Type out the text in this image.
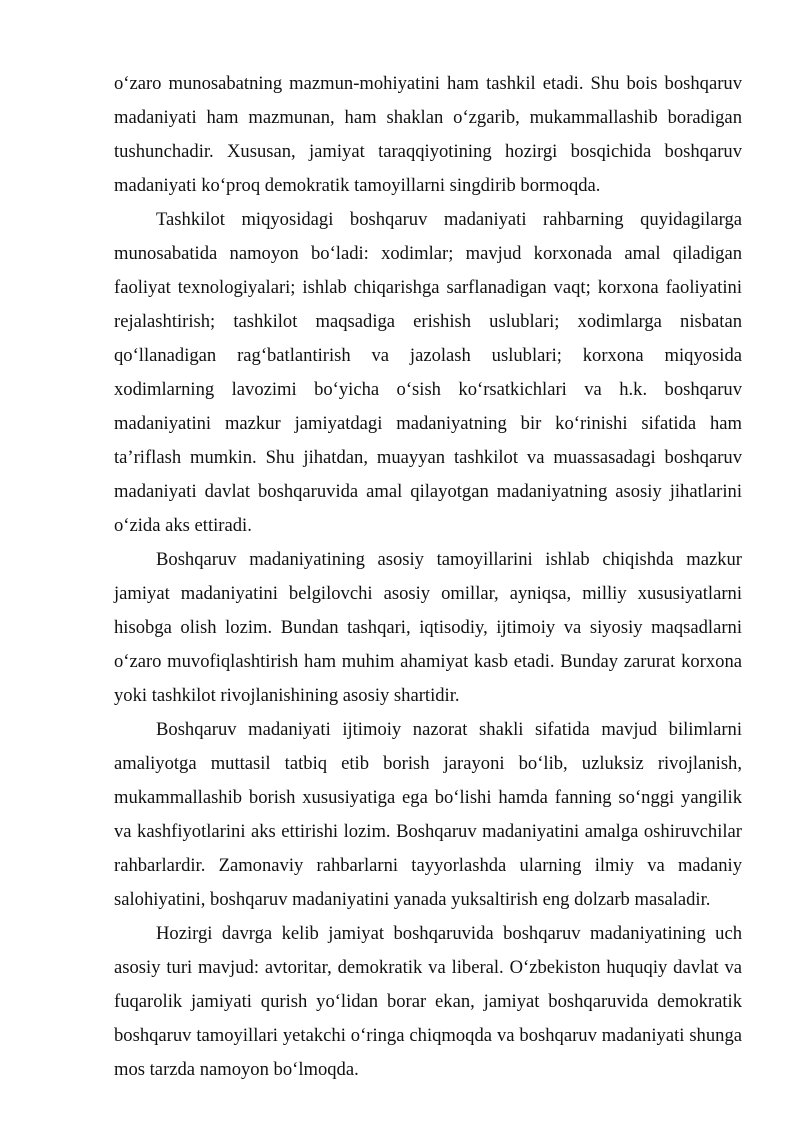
o‘zaro munosabatning mazmun-mohiyatini ham tashkil etadi. Shu bois boshqaruv madaniyati ham mazmunan, ham shaklan o‘zgarib, mukammallashib boradigan tushunchadir. Xususan, jamiyat taraqqiyotining hozirgi bosqichida boshqaruv madaniyati ko‘proq demokratik tamoyillarni singdirib bormoqda.

Tashkilot miqyosidagi boshqaruv madaniyati rahbarning quyidagilarga munosabatida namoyon bo‘ladi: xodimlar; mavjud korxonada amal qiladigan faoliyat texnologiyalari; ishlab chiqarishga sarflanadigan vaqt; korxona faoliyatini rejalashtirish; tashkilot maqsadiga erishish uslublari; xodimlarga nisbatan qo‘llanadigan rag‘batlantirish va jazolash uslublari; korxona miqyosida xodimlarning lavozimi bo‘yicha o‘sish ko‘rsatkichlari va h.k. boshqaruv madaniyatini mazkur jamiyatdagi madaniyatning bir ko‘rinishi sifatida ham ta’riflash mumkin. Shu jihatdan, muayyan tashkilot va muassasadagi boshqaruv madaniyati davlat boshqaruvida amal qilayotgan madaniyatning asosiy jihatlarini o‘zida aks ettiradi.

Boshqaruv madaniyatining asosiy tamoyillarini ishlab chiqishda mazkur jamiyat madaniyatini belgilovchi asosiy omillar, ayniqsa, milliy xususiyatlarni hisobga olish lozim. Bundan tashqari, iqtisodiy, ijtimoiy va siyosiy maqsadlarni o‘zaro muvofiqlashtirish ham muhim ahamiyat kasb etadi. Bunday zarurat korxona yoki tashkilot rivojlanishining asosiy shartidir.

Boshqaruv madaniyati ijtimoiy nazorat shakli sifatida mavjud bilimlarni amaliyotga muttasil tatbiq etib borish jarayoni bo‘lib, uzluksiz rivojlanish, mukammallashib borish xususiyatiga ega bo‘lishi hamda fanning so‘nggi yangilik va kashfiyotlarini aks ettirishi lozim. Boshqaruv madaniyatini amalga oshiruvchilar rahbarlardir. Zamonaviy rahbarlarni tayyorlashda ularning ilmiy va madaniy salohiyatini, boshqaruv madaniyatini yanada yuksaltirish eng dolzarb masaladir.

Hozirgi davrga kelib jamiyat boshqaruvida boshqaruv madaniyatining uch asosiy turi mavjud: avtoritar, demokratik va liberal. O‘zbekiston huquqiy davlat va fuqarolik jamiyati qurish yo‘lidan borar ekan, jamiyat boshqaruvida demokratik boshqaruv tamoyillari yetakchi o‘ringa chiqmoqda va boshqaruv madaniyati shunga mos tarzda namoyon bo‘lmoqda.
